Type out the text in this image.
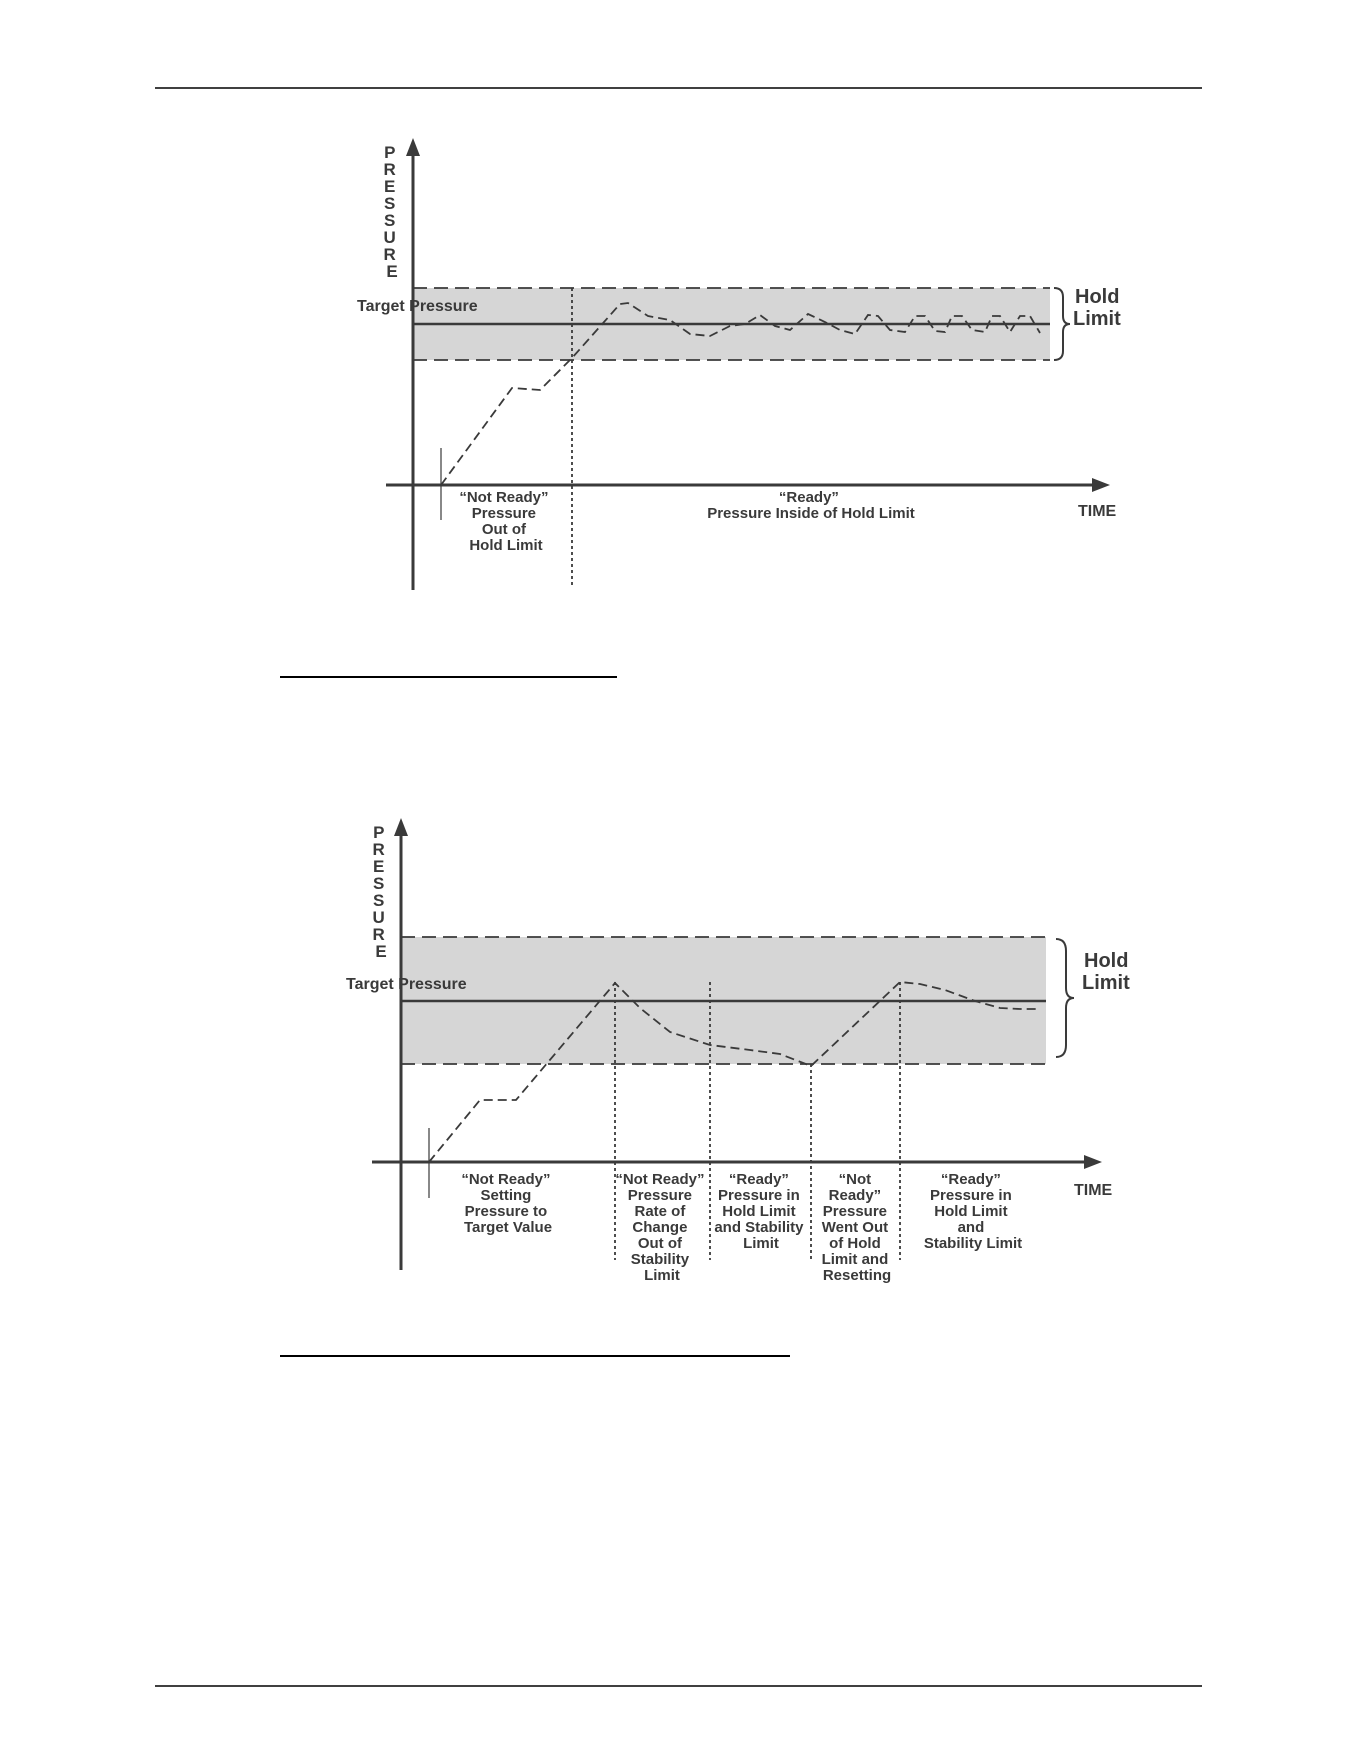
P R E S S U R E
Target Pressure	Hold
Limit
TIME
“Not Ready” Pressure Out of Hold Limit
“Ready” Pressure Inside of Hold Limit
P R E S S U R E
Target Pressure
Hold
Limit
TIME
“Not Ready” Setting Pressure to Target Value
“Not Ready” Pressure Rate of Change Out of Stability Limit
“Ready” Pressure in Hold Limit and Stability Limit
“Not Ready” Pressure Went Out of Hold Limit and Resetting
“Ready” Pressure in Hold Limit and Stability Limit
